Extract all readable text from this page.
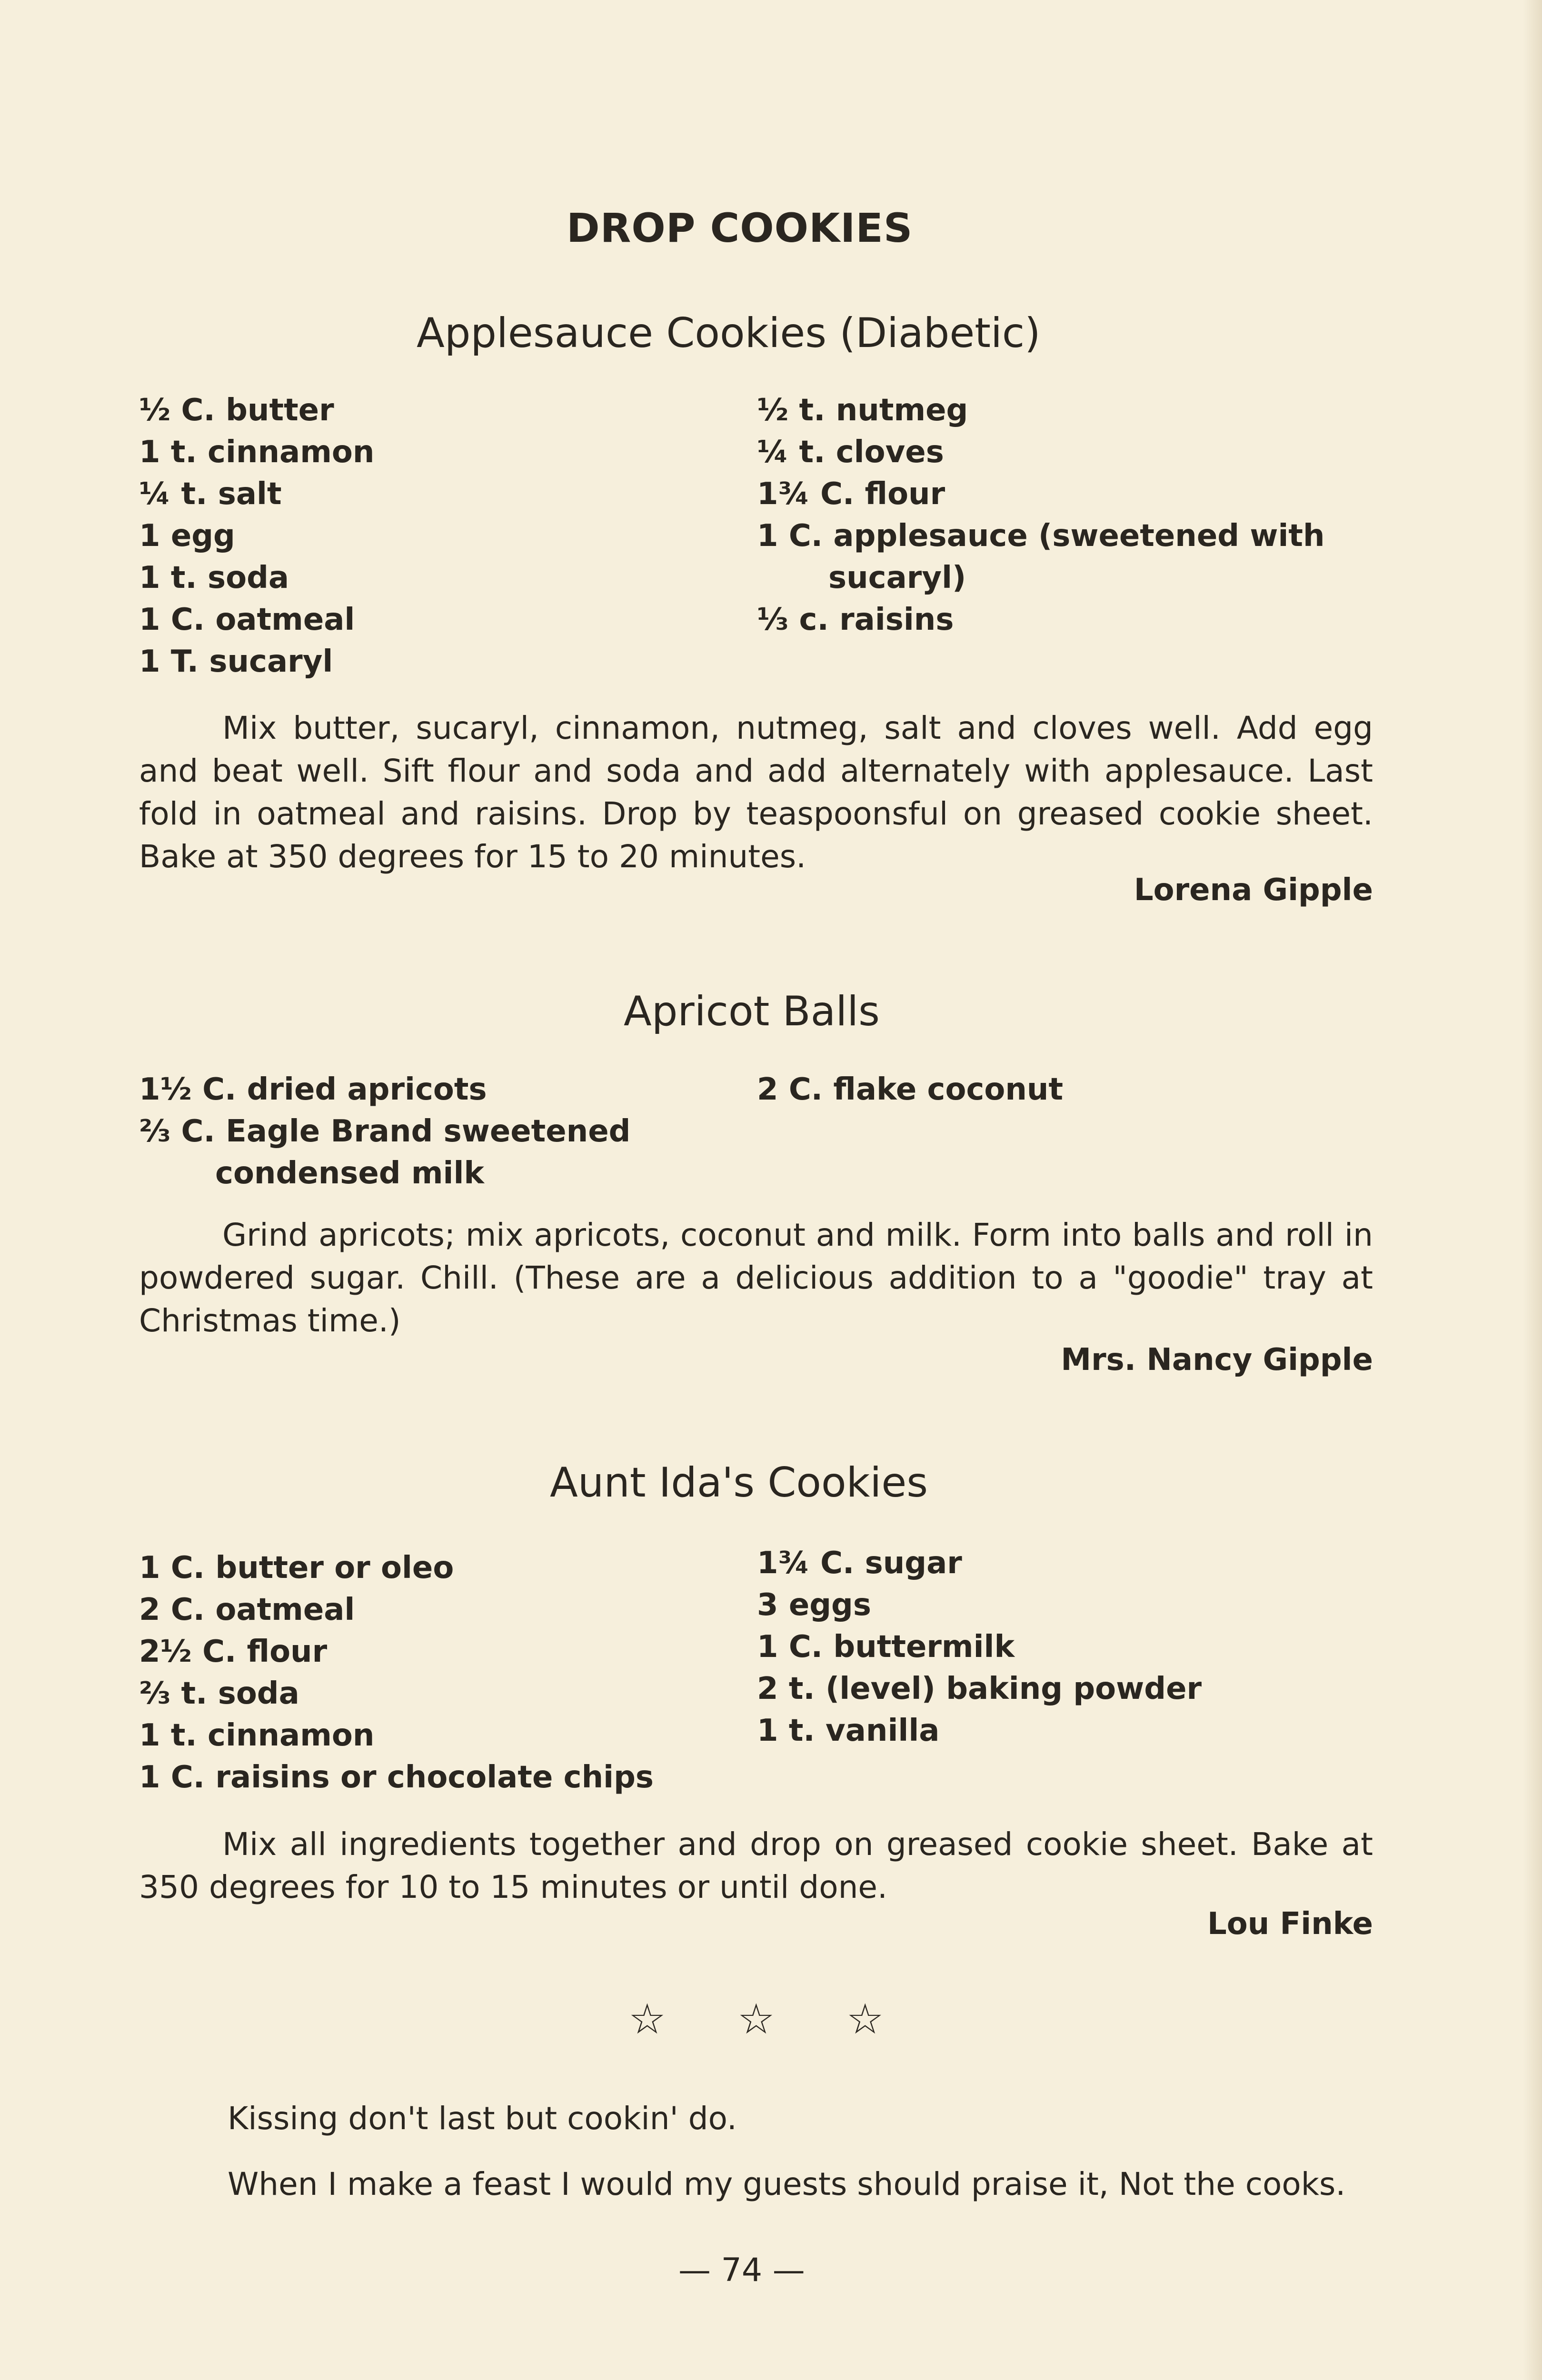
DROP COOKIES
Applesauce Cookies (Diabetic)
½ C. butter
1 t. cinnamon
¼ t. salt
1 egg
1 t. soda
1 C. oatmeal
1 T. sucaryl
½ t. nutmeg
¼ t. cloves
1¾ C. flour
1 C. applesauce (sweetened with
sucaryl)
⅓ c. raisins
Mix butter, sucaryl, cinnamon, nutmeg, salt and cloves well. Add egg and beat well. Sift flour and soda and add alternately with applesauce. Last fold in oatmeal and raisins. Drop by teaspoonsful on greased cookie sheet. Bake at 350 degrees for 15 to 20 minutes.
Lorena Gipple
Apricot Balls
1½ C. dried apricots
⅔ C. Eagle Brand sweetened
condensed milk
2 C. flake coconut
Grind apricots; mix apricots, coconut and milk. Form into balls and roll in powdered sugar. Chill. (These are a delicious addition to a "goodie" tray at Christmas time.)
Mrs. Nancy Gipple
Aunt Ida's Cookies
1 C. butter or oleo
2 C. oatmeal
2½ C. flour
⅔ t. soda
1 t. cinnamon
1 C. raisins or chocolate chips
1¾ C. sugar
3 eggs
1 C. buttermilk
2 t. (level) baking powder
1 t. vanilla
Mix all ingredients together and drop on greased cookie sheet. Bake at 350 degrees for 10 to 15 minutes or until done.
Lou Finke
☆ ☆ ☆
Kissing don't last but cookin' do.
When I make a feast I would my guests should praise it, Not the cooks.
— 74 —
